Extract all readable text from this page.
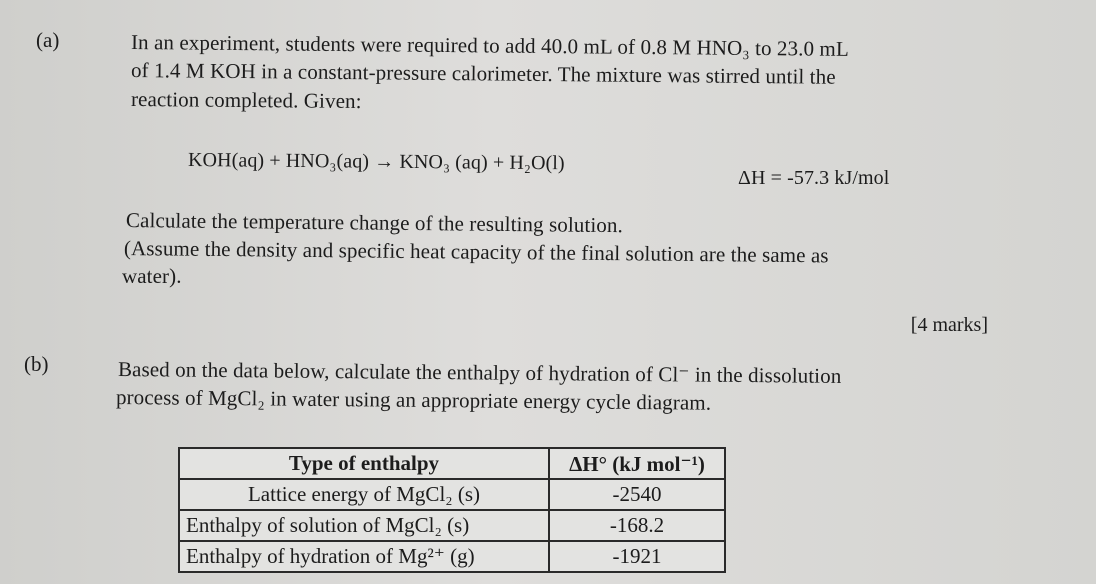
(a)	In an experiment, students were required to add 40.0 mL of 0.8 M HNO₃ to 23.0 mL
of 1.4 M KOH in a constant-pressure calorimeter. The mixture was stirred until the
reaction completed. Given:
KOH(aq) + HNO₃(aq) → KNO₃ (aq) + H₂O(l)
ΔH = -57.3 kJ/mol
Calculate the temperature change of the resulting solution.
(Assume the density and specific heat capacity of the final solution are the same as
water).
[4 marks]
(b)	Based on the data below, calculate the enthalpy of hydration of Cl⁻ in the dissolution
process of MgCl₂ in water using an appropriate energy cycle diagram.
Type of enthalpy	ΔH° (kJ mol⁻¹)
Lattice energy of MgCl₂ (s)	-2540
Enthalpy of solution of MgCl₂ (s)	-168.2
Enthalpy of hydration of Mg²⁺ (g)	-1921
